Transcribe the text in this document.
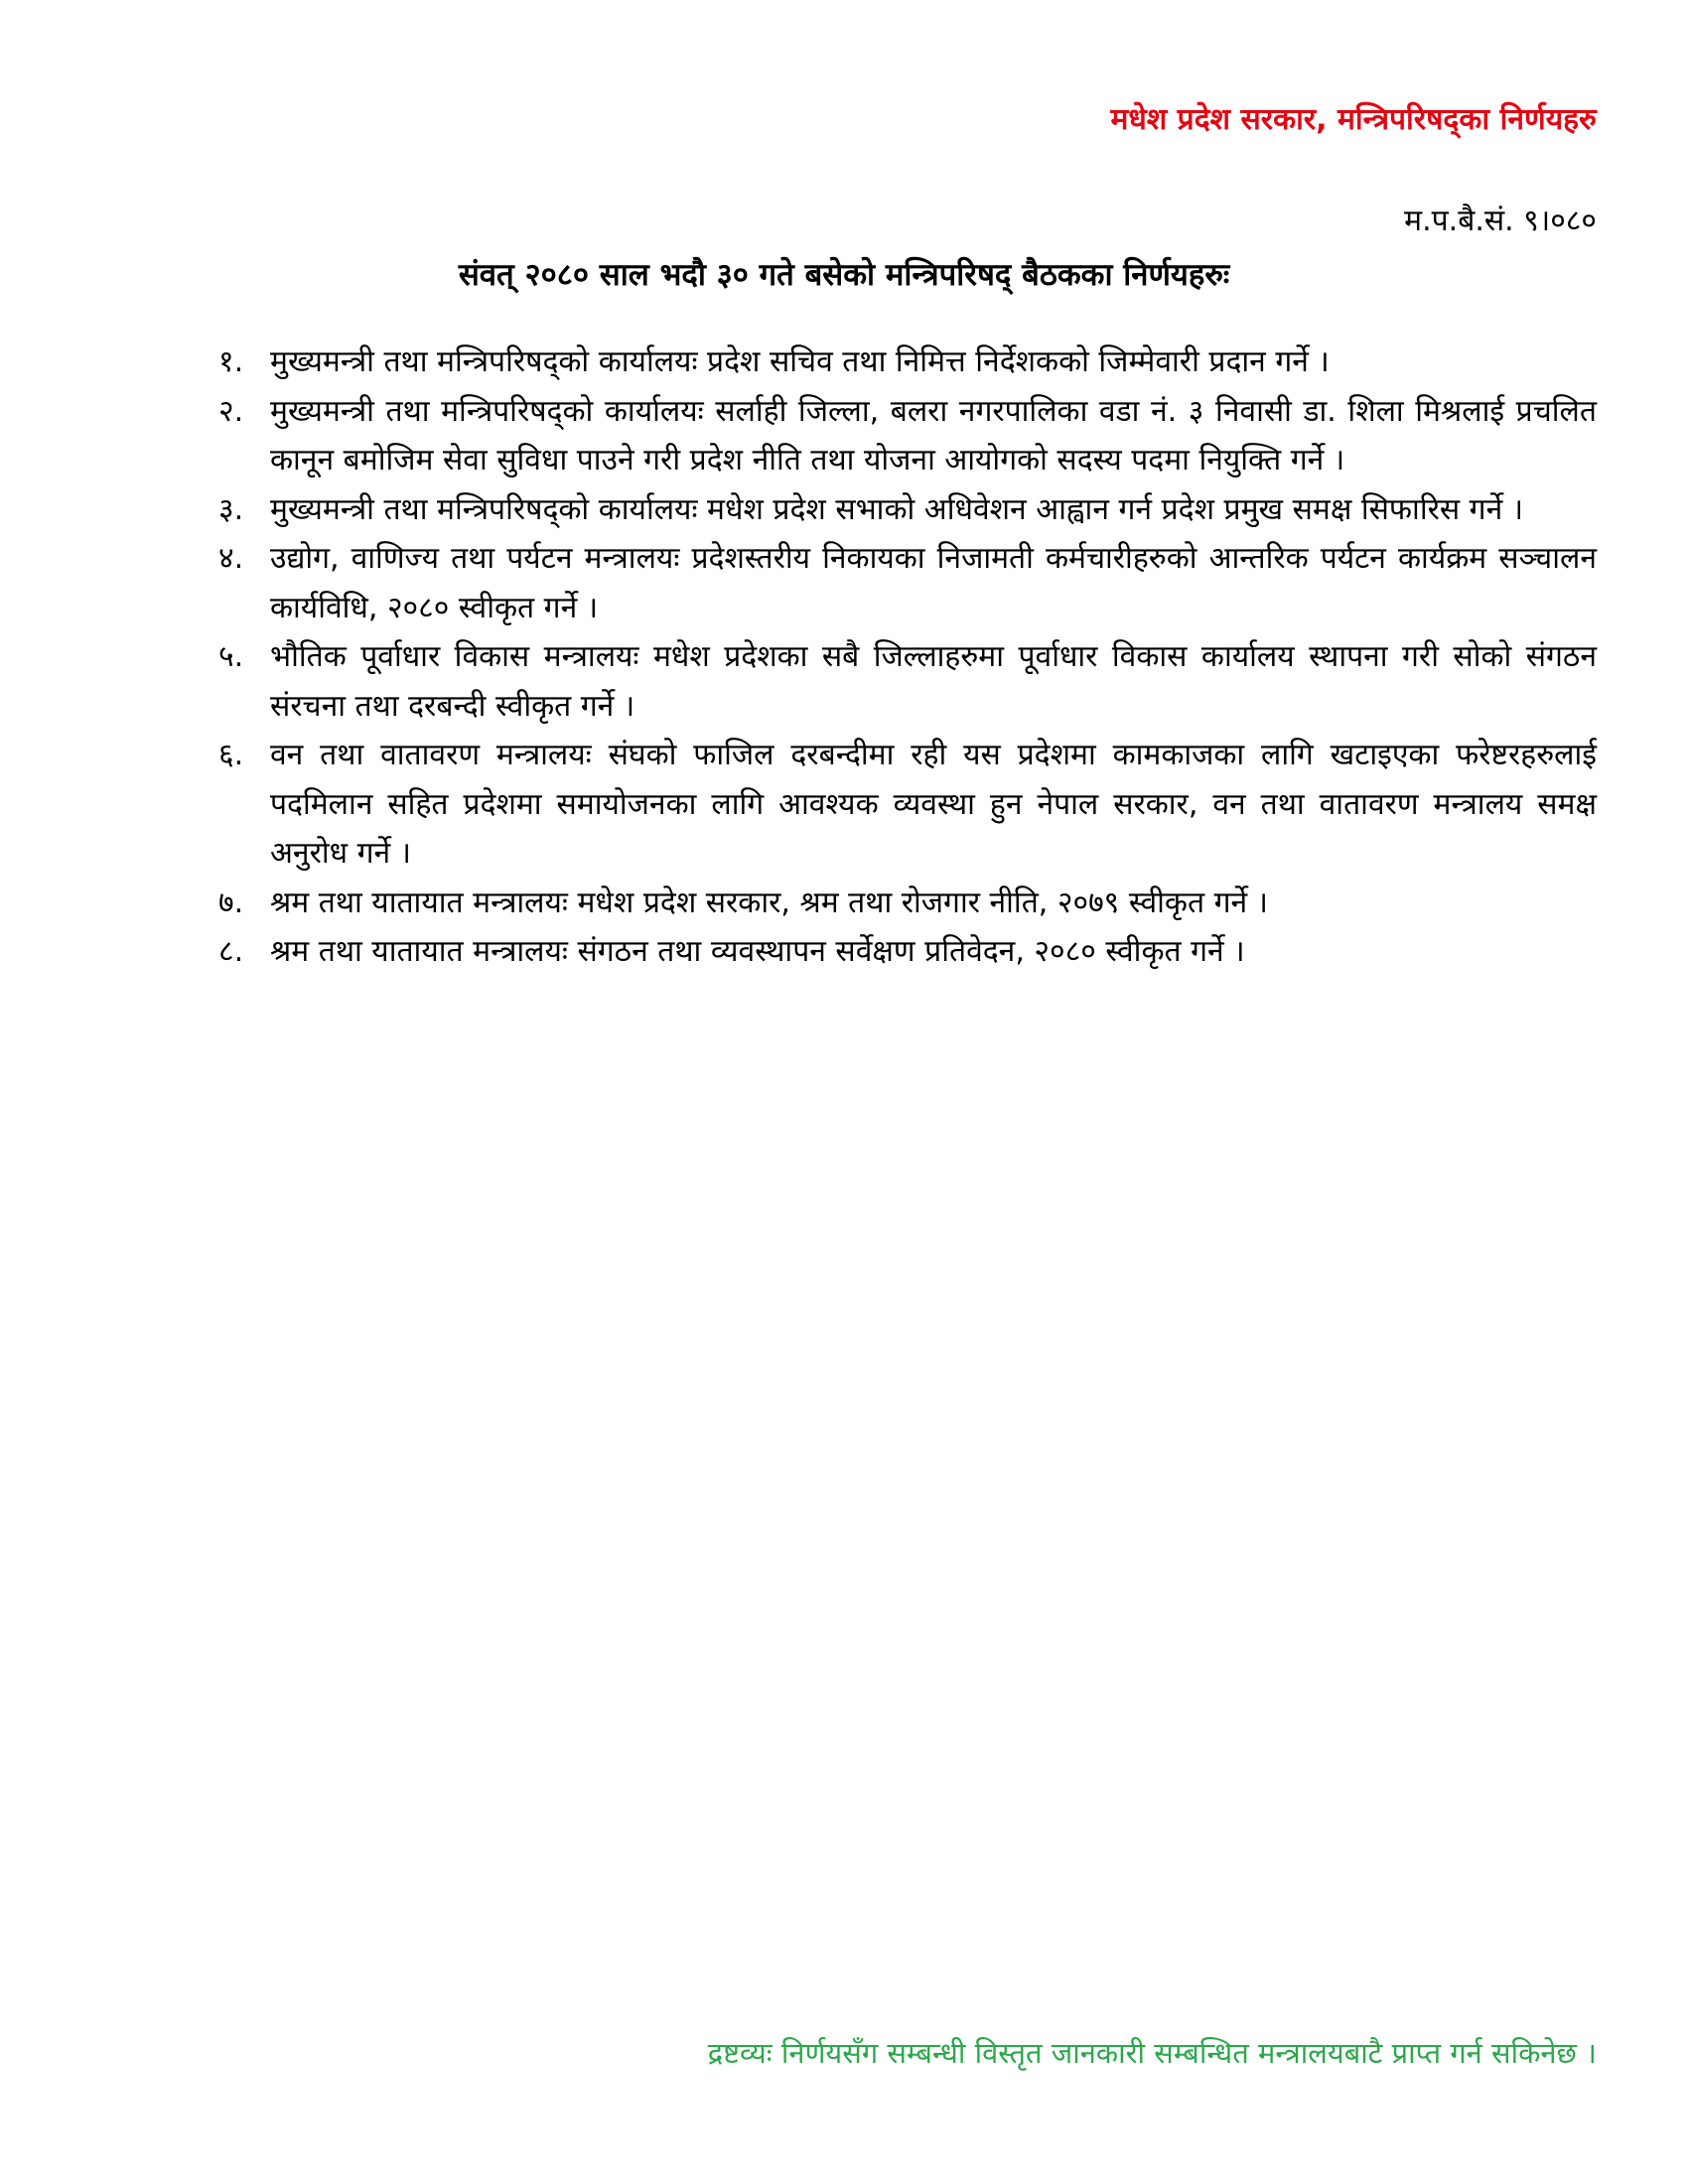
मधेश प्रदेश सरकार, मन्त्रिपरिषद्का निर्णयहरु
म.प.बै.सं. ९।०८०
संवत् २०८० साल भदौ ३० गते बसेको मन्त्रिपरिषद् बैठकका निर्णयहरुः
१. मुख्यमन्त्री तथा मन्त्रिपरिषद्को कार्यालयः प्रदेश सचिव तथा निमित्त निर्देशकको जिम्मेवारी प्रदान गर्ने ।
२. मुख्यमन्त्री तथा मन्त्रिपरिषद्को कार्यालयः सर्लाही जिल्ला, बलरा नगरपालिका वडा नं. ३ निवासी डा. शिला मिश्रलाई प्रचलित कानून बमोजिम सेवा सुविधा पाउने गरी प्रदेश नीति तथा योजना आयोगको सदस्य पदमा नियुक्ति गर्ने ।
३. मुख्यमन्त्री तथा मन्त्रिपरिषद्को कार्यालयः मधेश प्रदेश सभाको अधिवेशन आह्वान गर्न प्रदेश प्रमुख समक्ष सिफारिस गर्ने ।
४. उद्योग, वाणिज्य तथा पर्यटन मन्त्रालयः प्रदेशस्तरीय निकायका निजामती कर्मचारीहरुको आन्तरिक पर्यटन कार्यक्रम सञ्चालन कार्यविधि, २०८० स्वीकृत गर्ने ।
५. भौतिक पूर्वाधार विकास मन्त्रालयः मधेश प्रदेशका सबै जिल्लाहरुमा पूर्वाधार विकास कार्यालय स्थापना गरी सोको संगठन संरचना तथा दरबन्दी स्वीकृत गर्ने ।
६. वन तथा वातावरण मन्त्रालयः संघको फाजिल दरबन्दीमा रही यस प्रदेशमा कामकाजका लागि खटाइएका फरेष्टरहरुलाई पदमिलान सहित प्रदेशमा समायोजनका लागि आवश्यक व्यवस्था हुन नेपाल सरकार, वन तथा वातावरण मन्त्रालय समक्ष अनुरोध गर्ने ।
७. श्रम तथा यातायात मन्त्रालयः मधेश प्रदेश सरकार, श्रम तथा रोजगार नीति, २०७९ स्वीकृत गर्ने ।
८. श्रम तथा यातायात मन्त्रालयः संगठन तथा व्यवस्थापन सर्वेक्षण प्रतिवेदन, २०८० स्वीकृत गर्ने ।
द्रष्टव्यः निर्णयसँग सम्बन्धी विस्तृत जानकारी सम्बन्धित मन्त्रालयबाटै प्राप्त गर्न सकिनेछ ।
